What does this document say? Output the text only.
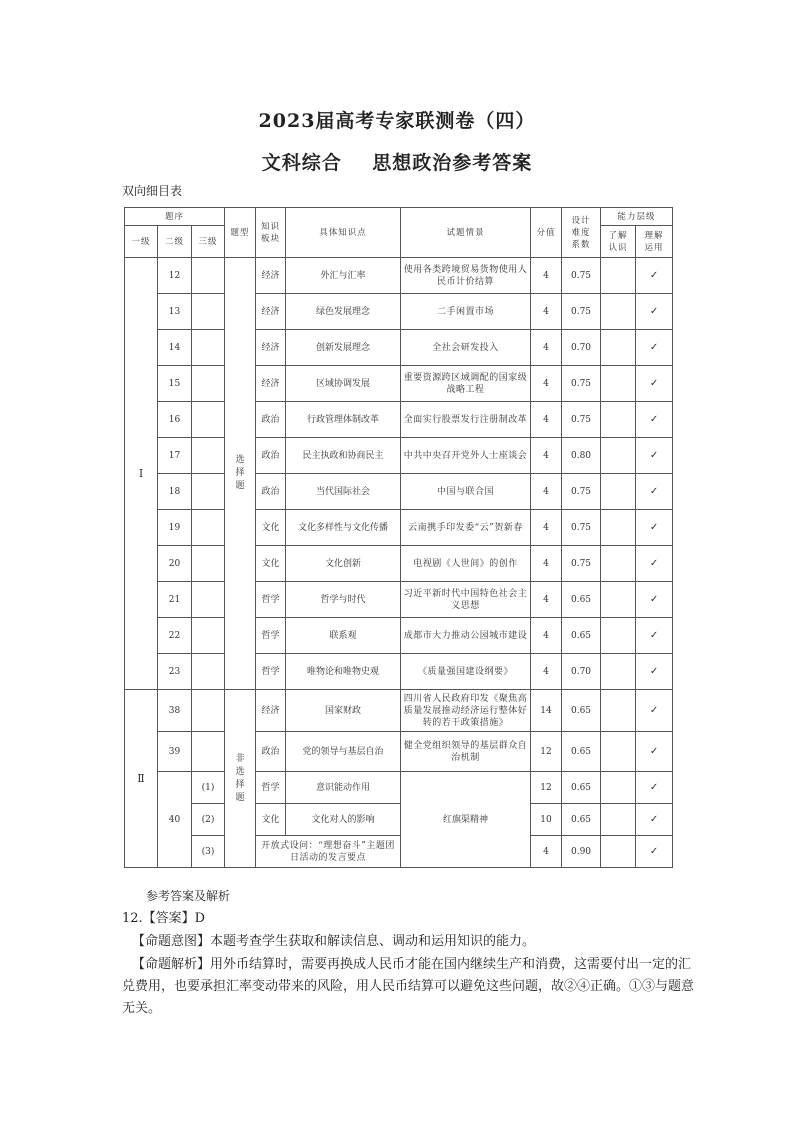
2023届高考专家联测卷（四）
文科综合    思想政治参考答案
双向细目表
题序			题型	知识板块	具体知识点	试题情景	分值	设计难度系数	能力层级	
一级	二级	三级							了解认识	理解运用
Ⅰ	12		选择题	经济	外汇与汇率	使用各类跨境贸易货物使用人民币计价结算	4	0.75		✓
	13			经济	绿色发展理念	二手闲置市场	4	0.75		✓
	14			经济	创新发展理念	全社会研发投入	4	0.70		✓
	15			经济	区域协调发展	重要资源跨区域调配的国家级战略工程	4	0.75		✓
	16			政治	行政管理体制改革	全面实行股票发行注册制改革	4	0.75		✓
	17			政治	民主执政和协商民主	中共中央召开党外人士座谈会	4	0.80		✓
	18			政治	当代国际社会	中国与联合国	4	0.75		✓
	19			文化	文化多样性与文化传播	云南携手印发委“云”贺新春	4	0.75		✓
	20			文化	文化创新	电视剧《人世间》的创作	4	0.75		✓
	21			哲学	哲学与时代	习近平新时代中国特色社会主义思想	4	0.65		✓
	22			哲学	联系观	成都市大力推动公园城市建设	4	0.65		✓
	23			哲学	唯物论和唯物史观	《质量强国建设纲要》	4	0.70		✓
Ⅱ	38		非选择题	经济	国家财政	四川省人民政府印发《聚焦高质量发展推动经济运行整体好转的若干政策措施》	14	0.65		✓
	39			政治	党的领导与基层自治	健全党组织领导的基层群众自治机制	12	0.65		✓
	40	(1)		哲学	意识能动作用	红旗渠精神	12	0.65		✓
		(2)		文化	文化对人的影响		10	0.65		✓
		(3)		开放式设问：“理想奋斗”主题团日活动的发言要点			4	0.90		✓
参考答案及解析
12.【答案】D
【命题意图】本题考查学生获取和解读信息、调动和运用知识的能力。
【命题解析】用外币结算时，需要再换成人民币才能在国内继续生产和消费，这需要付出一定的汇兑费用，也要承担汇率变动带来的风险，用人民币结算可以避免这些问题，故②④正确。①③与题意无关。
